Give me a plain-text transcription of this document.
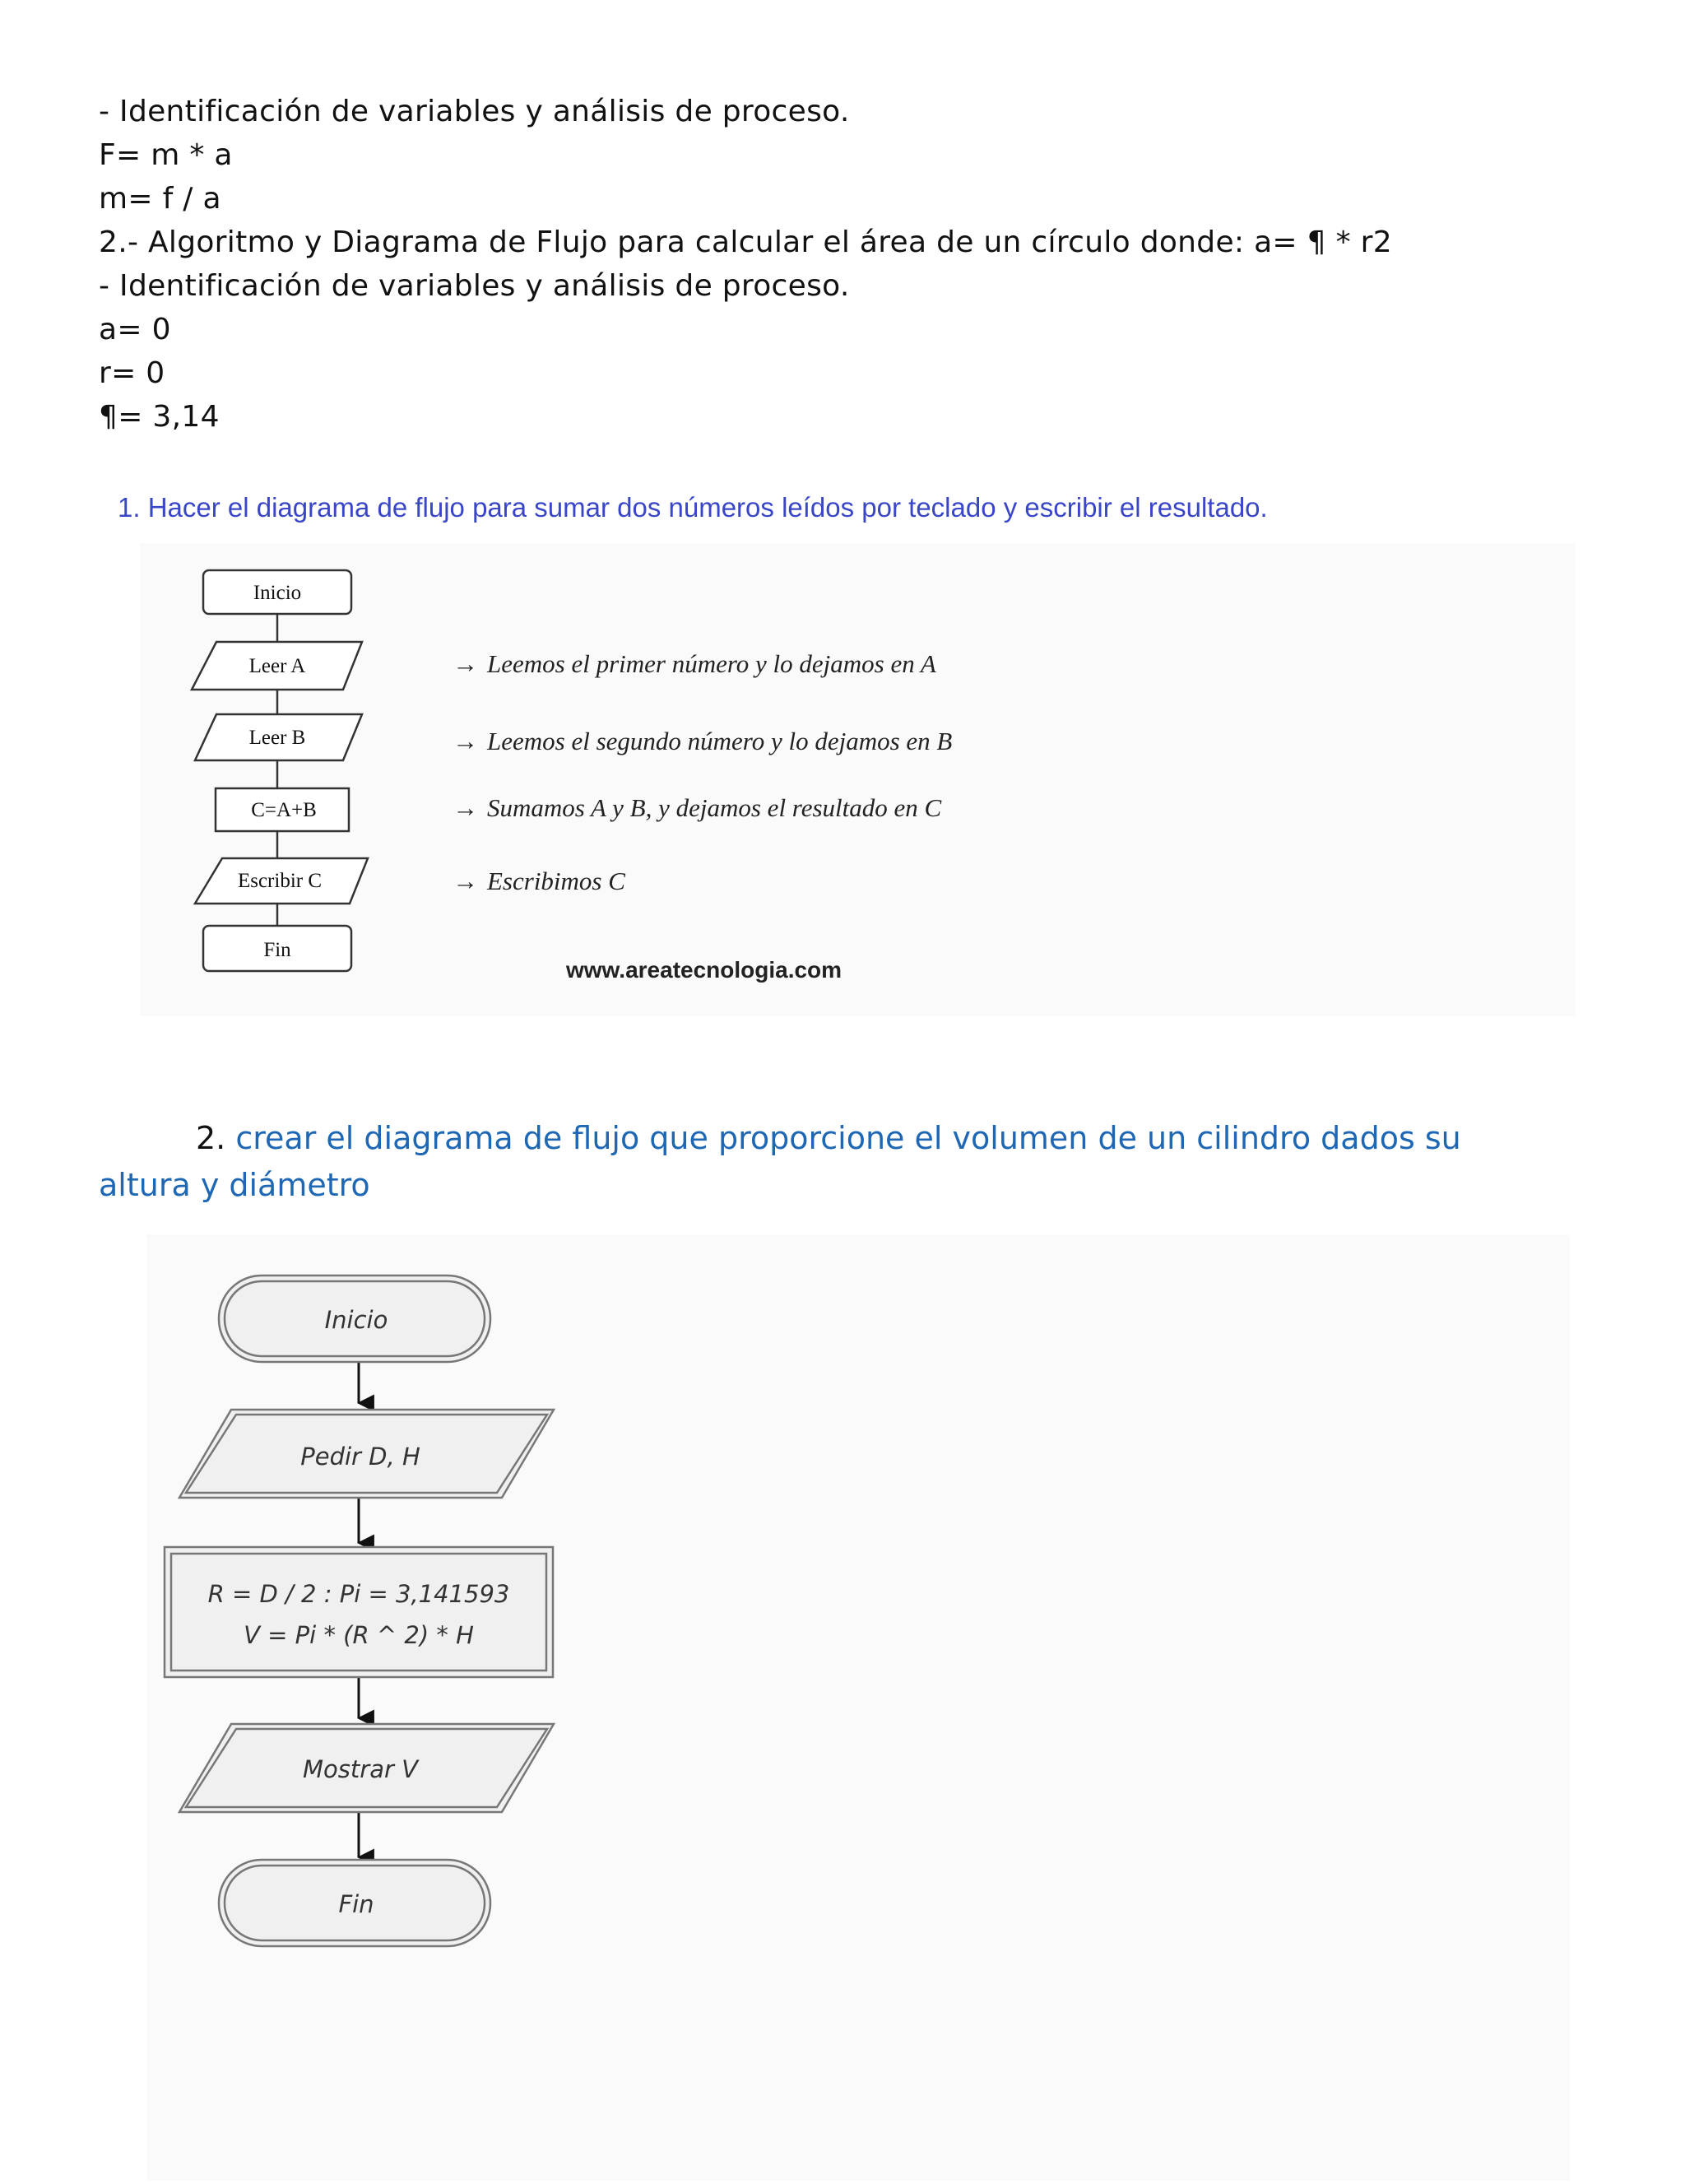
- Identificación de variables y análisis de proceso.
F= m * a
m= f / a
2.- Algoritmo y Diagrama de Flujo para calcular el área de un círculo donde: a= ¶ * r2
- Identificación de variables y análisis de proceso.
a= 0
r= 0
¶= 3,14
1. Hacer el diagrama de flujo para sumar dos números leídos por teclado y escribir el resultado.
Inicio
Leer A
Leer B
C=A+B
Escribir C
Fin
→ Leemos el primer número y lo dejamos en A
→ Leemos el segundo número y lo dejamos en B
→ Sumamos A y B, y dejamos el resultado en C
→ Escribimos C
www.areatecnologia.com
2. crear el diagrama de flujo que proporcione el volumen de un cilindro dados su altura y diámetro
Inicio
Pedir D, H
R = D / 2 : Pi = 3,141593
V = Pi * (R ^ 2) * H
Mostrar V
Fin
